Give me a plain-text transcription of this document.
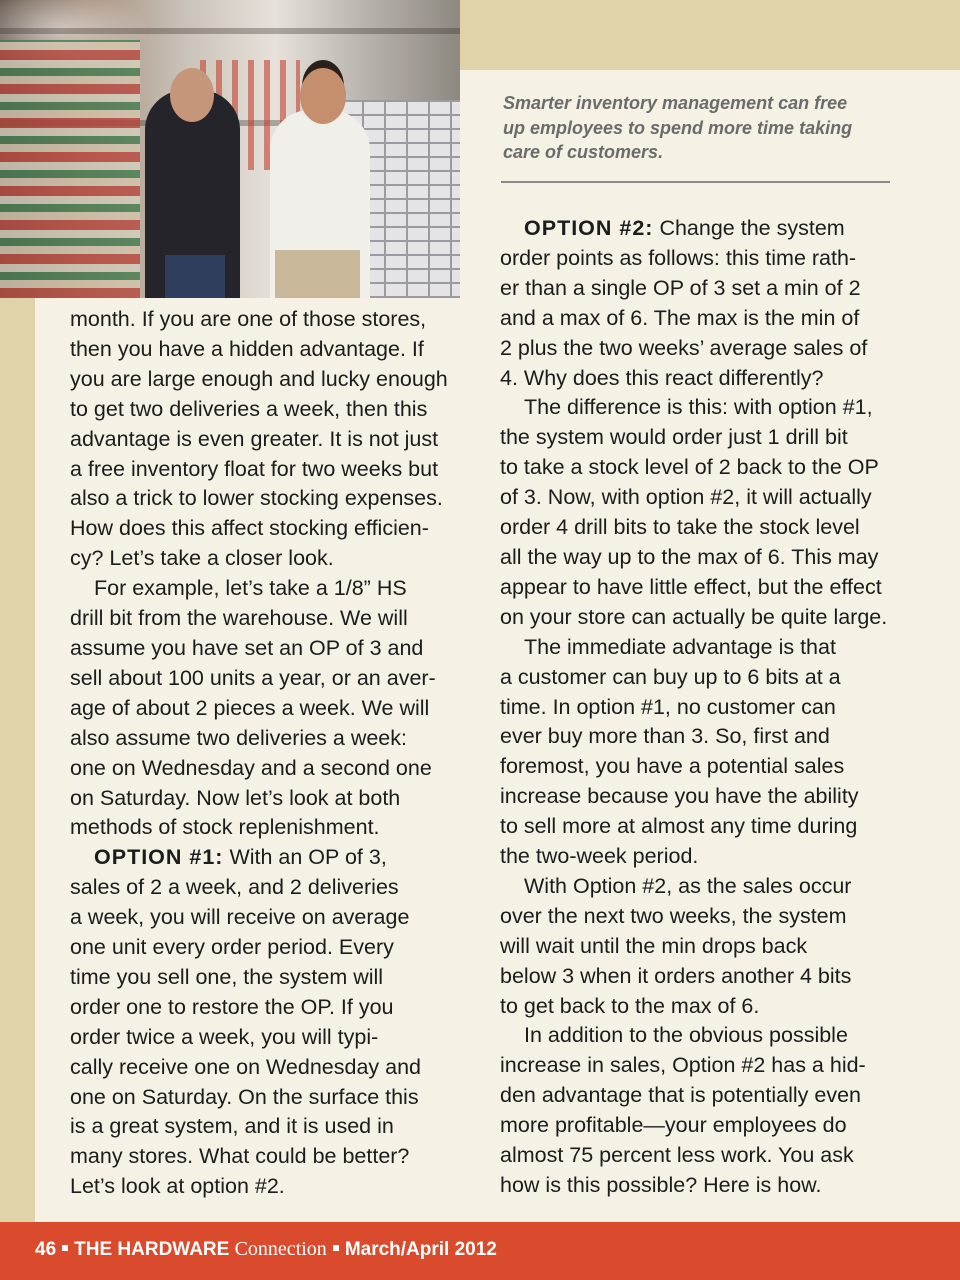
Smarter inventory management can free
up employees to spend more time taking
care of customers.

month. If you are one of those stores,
then you have a hidden advantage. If
you are large enough and lucky enough
to get two deliveries a week, then this
advantage is even greater. It is not just
a free inventory float for two weeks but
also a trick to lower stocking expenses.
How does this affect stocking efficien-
cy? Let’s take a closer look.

For example, let’s take a 1/8” HS
drill bit from the warehouse. We will
assume you have set an OP of 3 and
sell about 100 units a year, or an aver-
age of about 2 pieces a week. We will
also assume two deliveries a week:
one on Wednesday and a second one
on Saturday. Now let’s look at both
methods of stock replenishment.

OPTION #1: With an OP of 3,
sales of 2 a week, and 2 deliveries
a week, you will receive on average
one unit every order period. Every
time you sell one, the system will
order one to restore the OP. If you
order twice a week, you will typi-
cally receive one on Wednesday and
one on Saturday. On the surface this
is a great system, and it is used in
many stores. What could be better?
Let’s look at option #2.

OPTION #2: Change the system
order points as follows: this time rath-
er than a single OP of 3 set a min of 2
and a max of 6. The max is the min of
2 plus the two weeks’ average sales of
4. Why does this react differently?

The difference is this: with option #1,
the system would order just 1 drill bit
to take a stock level of 2 back to the OP
of 3. Now, with option #2, it will actually
order 4 drill bits to take the stock level
all the way up to the max of 6. This may
appear to have little effect, but the effect
on your store can actually be quite large.

The immediate advantage is that
a customer can buy up to 6 bits at a
time. In option #1, no customer can
ever buy more than 3. So, first and
foremost, you have a potential sales
increase because you have the ability
to sell more at almost any time during
the two-week period.

With Option #2, as the sales occur
over the next two weeks, the system
will wait until the min drops back
below 3 when it orders another 4 bits
to get back to the max of 6.

In addition to the obvious possible
increase in sales, Option #2 has a hid-
den advantage that is potentially even
more profitable—your employees do
almost 75 percent less work. You ask
how is this possible? Here is how.

46 THE HARDWARE Connection March/April 2012
